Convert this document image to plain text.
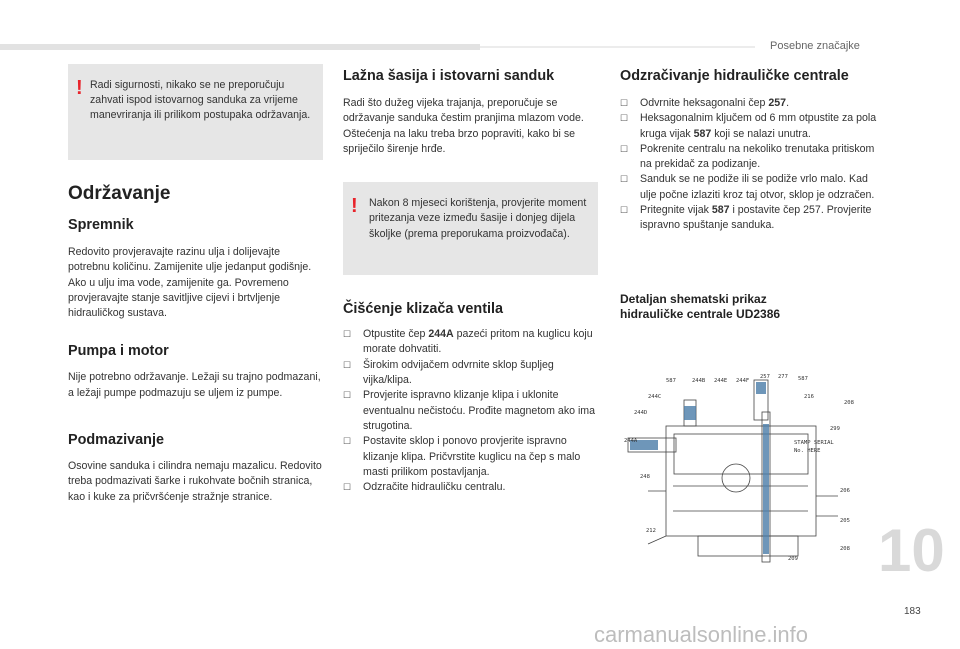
Posebne značajke
! Radi sigurnosti, nikako se ne preporučuju zahvati ispod istovarnog sanduka za vrijeme manevriranja ili prilikom postupaka održavanja.
Održavanje
Spremnik

Redovito provjeravajte razinu ulja i dolijevajte potrebnu količinu. Zamijenite ulje jedanput godišnje. Ako u ulju ima vode, zamijenite ga. Povremeno provjeravajte stanje savitljive cijevi i brtvljenje hidrauličkog sustava.

Pumpa i motor

Nije potrebno održavanje. Ležaji su trajno podmazani, a ležaji pumpe podmazuju se uljem iz pumpe.

Podmazivanje

Osovine sanduka i cilindra nemaju mazalicu. Redovito treba podmazivati šarke i rukohvate bočnih stranica, kao i kuke za pričvršćenje stražnje stranice.

Lažna šasija i istovarni sanduk

Radi što dužeg vijeka trajanja, preporučuje se održavanje sanduka čestim pranjima mlazom vode.

Oštećenja na laku treba brzo popraviti, kako bi se spriječilo širenje hrđe.

! Nakon 8 mjeseci korištenja, provjerite moment pritezanja veze između šasije i donjeg dijela školjke (prema preporukama proizvođača).
Čišćenje klizača ventila
☐ Otpustite čep 244A pazeći pritom na kuglicu koju morate dohvatiti.
☐ Širokim odvijačem odvrnite sklop šupljeg vijka/klipa.
☐ Provjerite ispravno klizanje klipa i uklonite eventualnu nečistoću. Prođite magnetom ako ima strugotina.
☐ Postavite sklop i ponovo provjerite ispravno klizanje klipa. Pričvrstite kuglicu na čep s malo masti prilikom postavljanja.
☐ Odzračite hidrauličku centralu.
Odzračivanje hidrauličke centrale
☐ Odvrnite heksagonalni čep 257.
☐ Heksagonalnim ključem od 6 mm otpustite za pola kruga vijak 587 koji se nalazi unutra.
☐ Pokrenite centralu na nekoliko trenutaka pritiskom na prekidač za podizanje.
☐ Sanduk se ne podiže ili se podiže vrlo malo. Kad ulje počne izlaziti kroz taj otvor, sklop je odzračen.
☐ Pritegnite vijak 587 i postavite čep 257. Provjerite ispravno spuštanje sanduka.
Detaljan shematski prikaz hidrauličke centrale UD2386
587	244B 244E 244F
257 277 587
244C	216
208
244D
299
244A	STAMP SERIAL
No. HERE
248
206
205
212
208
209 10
183
carmanualsonline.info
